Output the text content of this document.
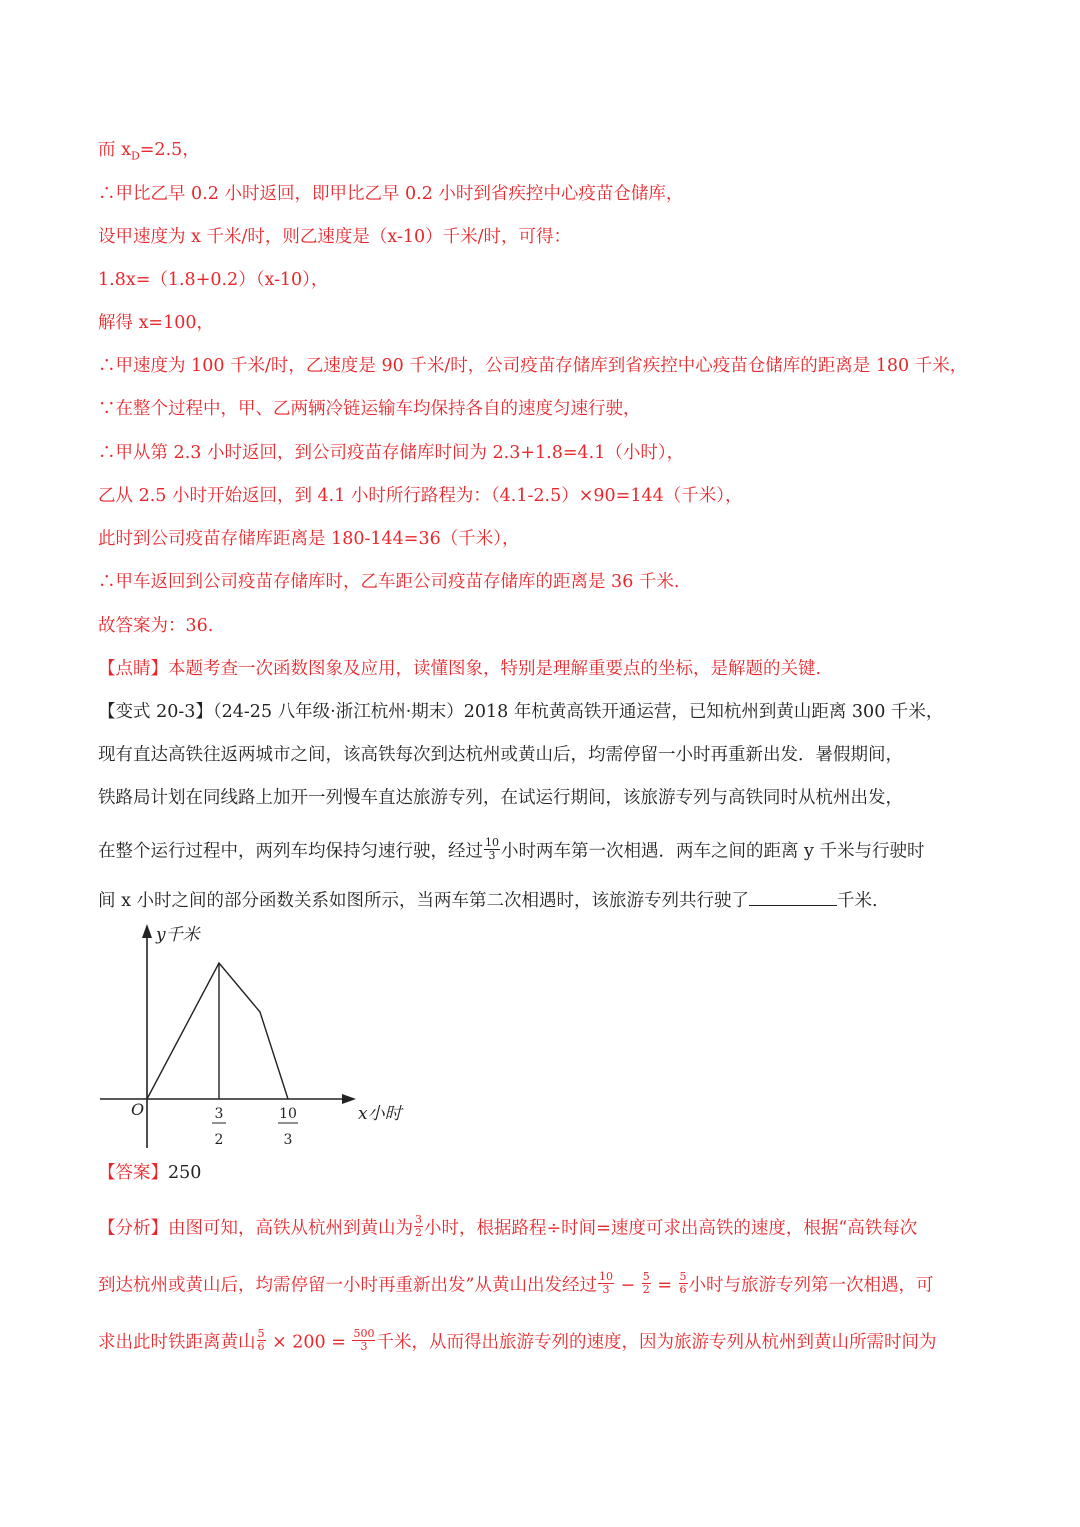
而 $x_D=2.5$，
∴甲比乙早 0.2 小时返回，即甲比乙早 0.2 小时到省疾控中心疫苗仓储库，
设甲速度为 x 千米/时，则乙速度是（x-10）千米/时，可得：
1.8x=（1.8+0.2）（x-10），
解得 x=100，
∴甲速度为 100 千米/时，乙速度是 90 千米/时，公司疫苗存储库到省疾控中心疫苗仓储库的距离是 180 千米，
∵在整个过程中，甲、乙两辆冷链运输车均保持各自的速度匀速行驶，
∴甲从第 2.3 小时返回，到公司疫苗存储库时间为 2.3+1.8=4.1（小时），
乙从 2.5 小时开始返回，到 4.1 小时所行路程为：（4.1-2.5）×90=144（千米），
此时到公司疫苗存储库距离是 180-144=36（千米），
∴甲车返回到公司疫苗存储库时，乙车距公司疫苗存储库的距离是 36 千米.
故答案为：36.
【点睛】本题考查一次函数图象及应用，读懂图象，特别是理解重要点的坐标，是解题的关键.
【变式 20-3】（24-25 八年级·浙江杭州·期末）2018 年杭黄高铁开通运营，已知杭州到黄山距离 300 千米，
现有直达高铁往返两城市之间，该高铁每次到达杭州或黄山后，均需停留一小时再重新出发．暑假期间，
铁路局计划在同线路上加开一列慢车直达旅游专列，在试运行期间，该旅游专列与高铁同时从杭州出发，
在整个运行过程中，两列车均保持匀速行驶，经过 $\frac{10}{3}$ 小时两车第一次相遇．两车之间的距离 y 千米与行驶时
间 x 小时之间的部分函数关系如图所示，当两车第二次相遇时，该旅游专列共行驶了	千米.
y千米
x小时
O	3
2
10
3
【答案】250
【分析】由图可知，高铁从杭州到黄山为 $\frac{3}{2}$ 小时，根据路程÷时间=速度可求出高铁的速度，根据“高铁每次
到达杭州或黄山后，均需停留一小时再重新出发”从黄山出发经过 $\frac{10}{3} - \frac{5}{2} = \frac{5}{6}$ 小时与旅游专列第一次相遇，可
求出此时铁距离黄山 $\frac{5}{6} \times 200 = \frac{500}{3}$ 千米，从而得出旅游专列的速度，因为旅游专列从杭州到黄山所需时间为
